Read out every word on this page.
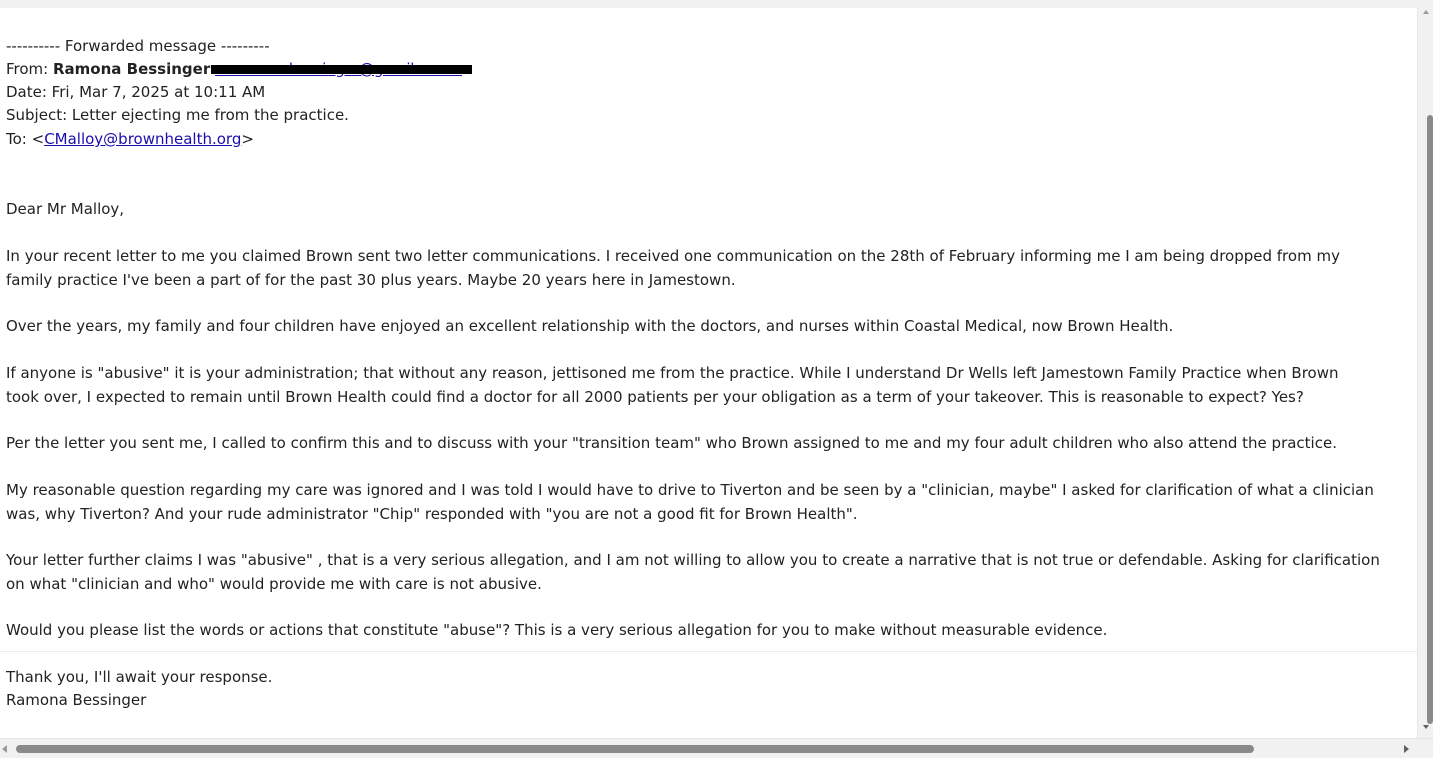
---------- Forwarded message ---------
From: Ramona Bessinger
Date: Fri, Mar 7, 2025 at 10:11 AM
Subject: Letter ejecting me from the practice.
To: <CMalloy@brownhealth.org>
Dear Mr Malloy,
In your recent letter to me you claimed Brown sent two letter communications. I received one communication on the 28th of February informing me I am being dropped from my
family practice I've been a part of for the past 30 plus years. Maybe 20 years here in Jamestown.
Over the years, my family and four children have enjoyed an excellent relationship with the doctors, and nurses within Coastal Medical, now Brown Health.
If anyone is "abusive" it is your administration; that without any reason, jettisoned me from the practice. While I understand Dr Wells left Jamestown Family Practice when Brown
took over, I expected to remain until Brown Health could find a doctor for all 2000 patients per your obligation as a term of your takeover. This is reasonable to expect? Yes?
Per the letter you sent me, I called to confirm this and to discuss with your "transition team" who Brown assigned to me and my four adult children who also attend the practice.
My reasonable question regarding my care was ignored and I was told I would have to drive to Tiverton and be seen by a "clinician, maybe" I asked for clarification of what a clinician
was, why Tiverton? And your rude administrator "Chip" responded with "you are not a good fit for Brown Health".
Your letter further claims I was "abusive" , that is a very serious allegation, and I am not willing to allow you to create a narrative that is not true or defendable. Asking for clarification
on what "clinician and who" would provide me with care is not abusive.
Would you please list the words or actions that constitute "abuse"? This is a very serious allegation for you to make without measurable evidence.
Thank you, I'll await your response.
Ramona Bessinger
